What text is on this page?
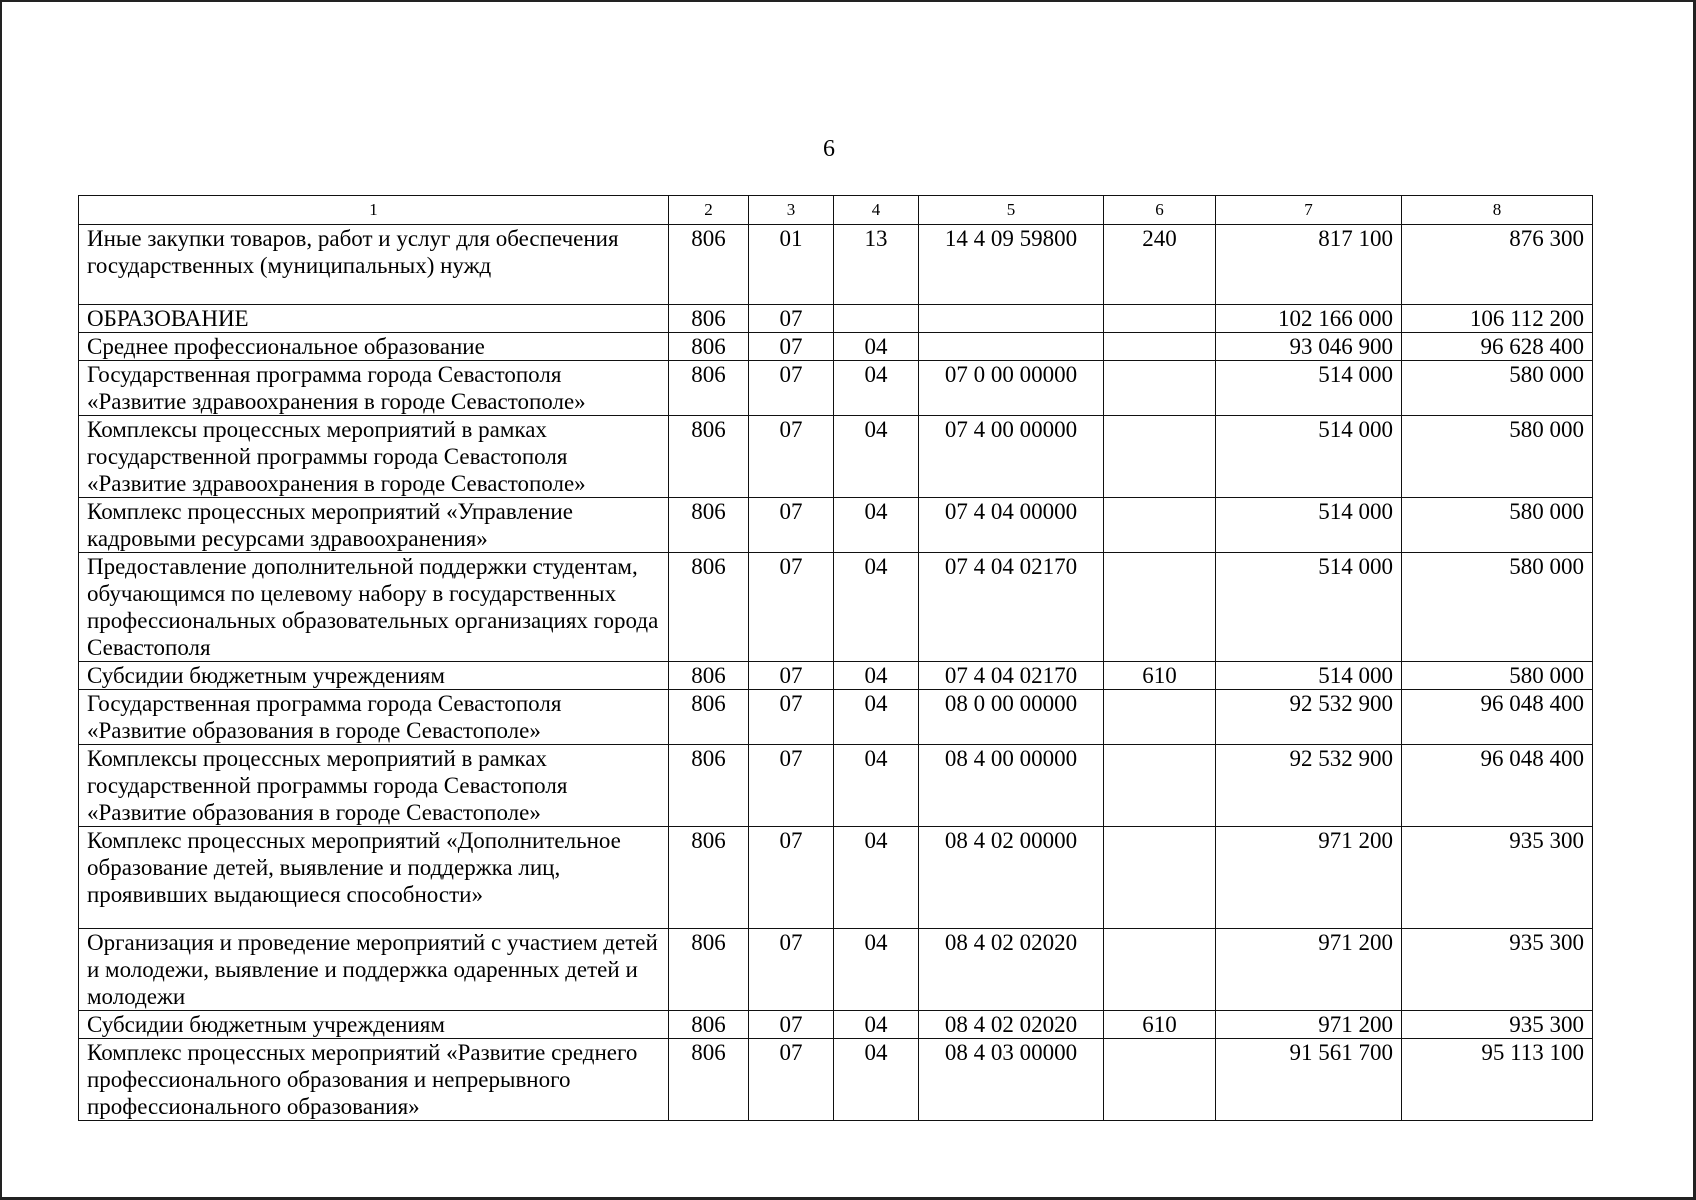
6
1	2	3	4	5	6	7	8
Иные закупки товаров, работ и услуг для обеспечения государственных (муниципальных) нужд	806	01	13	14 4 09 59800	240	817 100	876 300
ОБРАЗОВАНИЕ	806	07				102 166 000	106 112 200
Среднее профессиональное образование	806	07	04			93 046 900	96 628 400
Государственная программа города Севастополя «Развитие здравоохранения в городе Севастополе»	806	07	04	07 0 00 00000		514 000	580 000
Комплексы процессных мероприятий в рамках государственной программы города Севастополя «Развитие здравоохранения в городе Севастополе»	806	07	04	07 4 00 00000		514 000	580 000
Комплекс процессных мероприятий «Управление кадровыми ресурсами здравоохранения»	806	07	04	07 4 04 00000		514 000	580 000
Предоставление дополнительной поддержки студентам, обучающимся по целевому набору в государственных профессиональных образовательных организациях города Севастополя	806	07	04	07 4 04 02170		514 000	580 000
Субсидии бюджетным учреждениям	806	07	04	07 4 04 02170	610	514 000	580 000
Государственная программа города Севастополя «Развитие образования в городе Севастополе»	806	07	04	08 0 00 00000		92 532 900	96 048 400
Комплексы процессных мероприятий в рамках государственной программы города Севастополя «Развитие образования в городе Севастополе»	806	07	04	08 4 00 00000		92 532 900	96 048 400
Комплекс процессных мероприятий «Дополнительное образование детей, выявление и поддержка лиц, проявивших выдающиеся способности»	806	07	04	08 4 02 00000		971 200	935 300
Организация и проведение мероприятий с участием детей и молодежи, выявление и поддержка одаренных детей и молодежи	806	07	04	08 4 02 02020		971 200	935 300
Субсидии бюджетным учреждениям	806	07	04	08 4 02 02020	610	971 200	935 300
Комплекс процессных мероприятий «Развитие среднего профессионального образования и непрерывного профессионального образования»	806	07	04	08 4 03 00000		91 561 700	95 113 100
